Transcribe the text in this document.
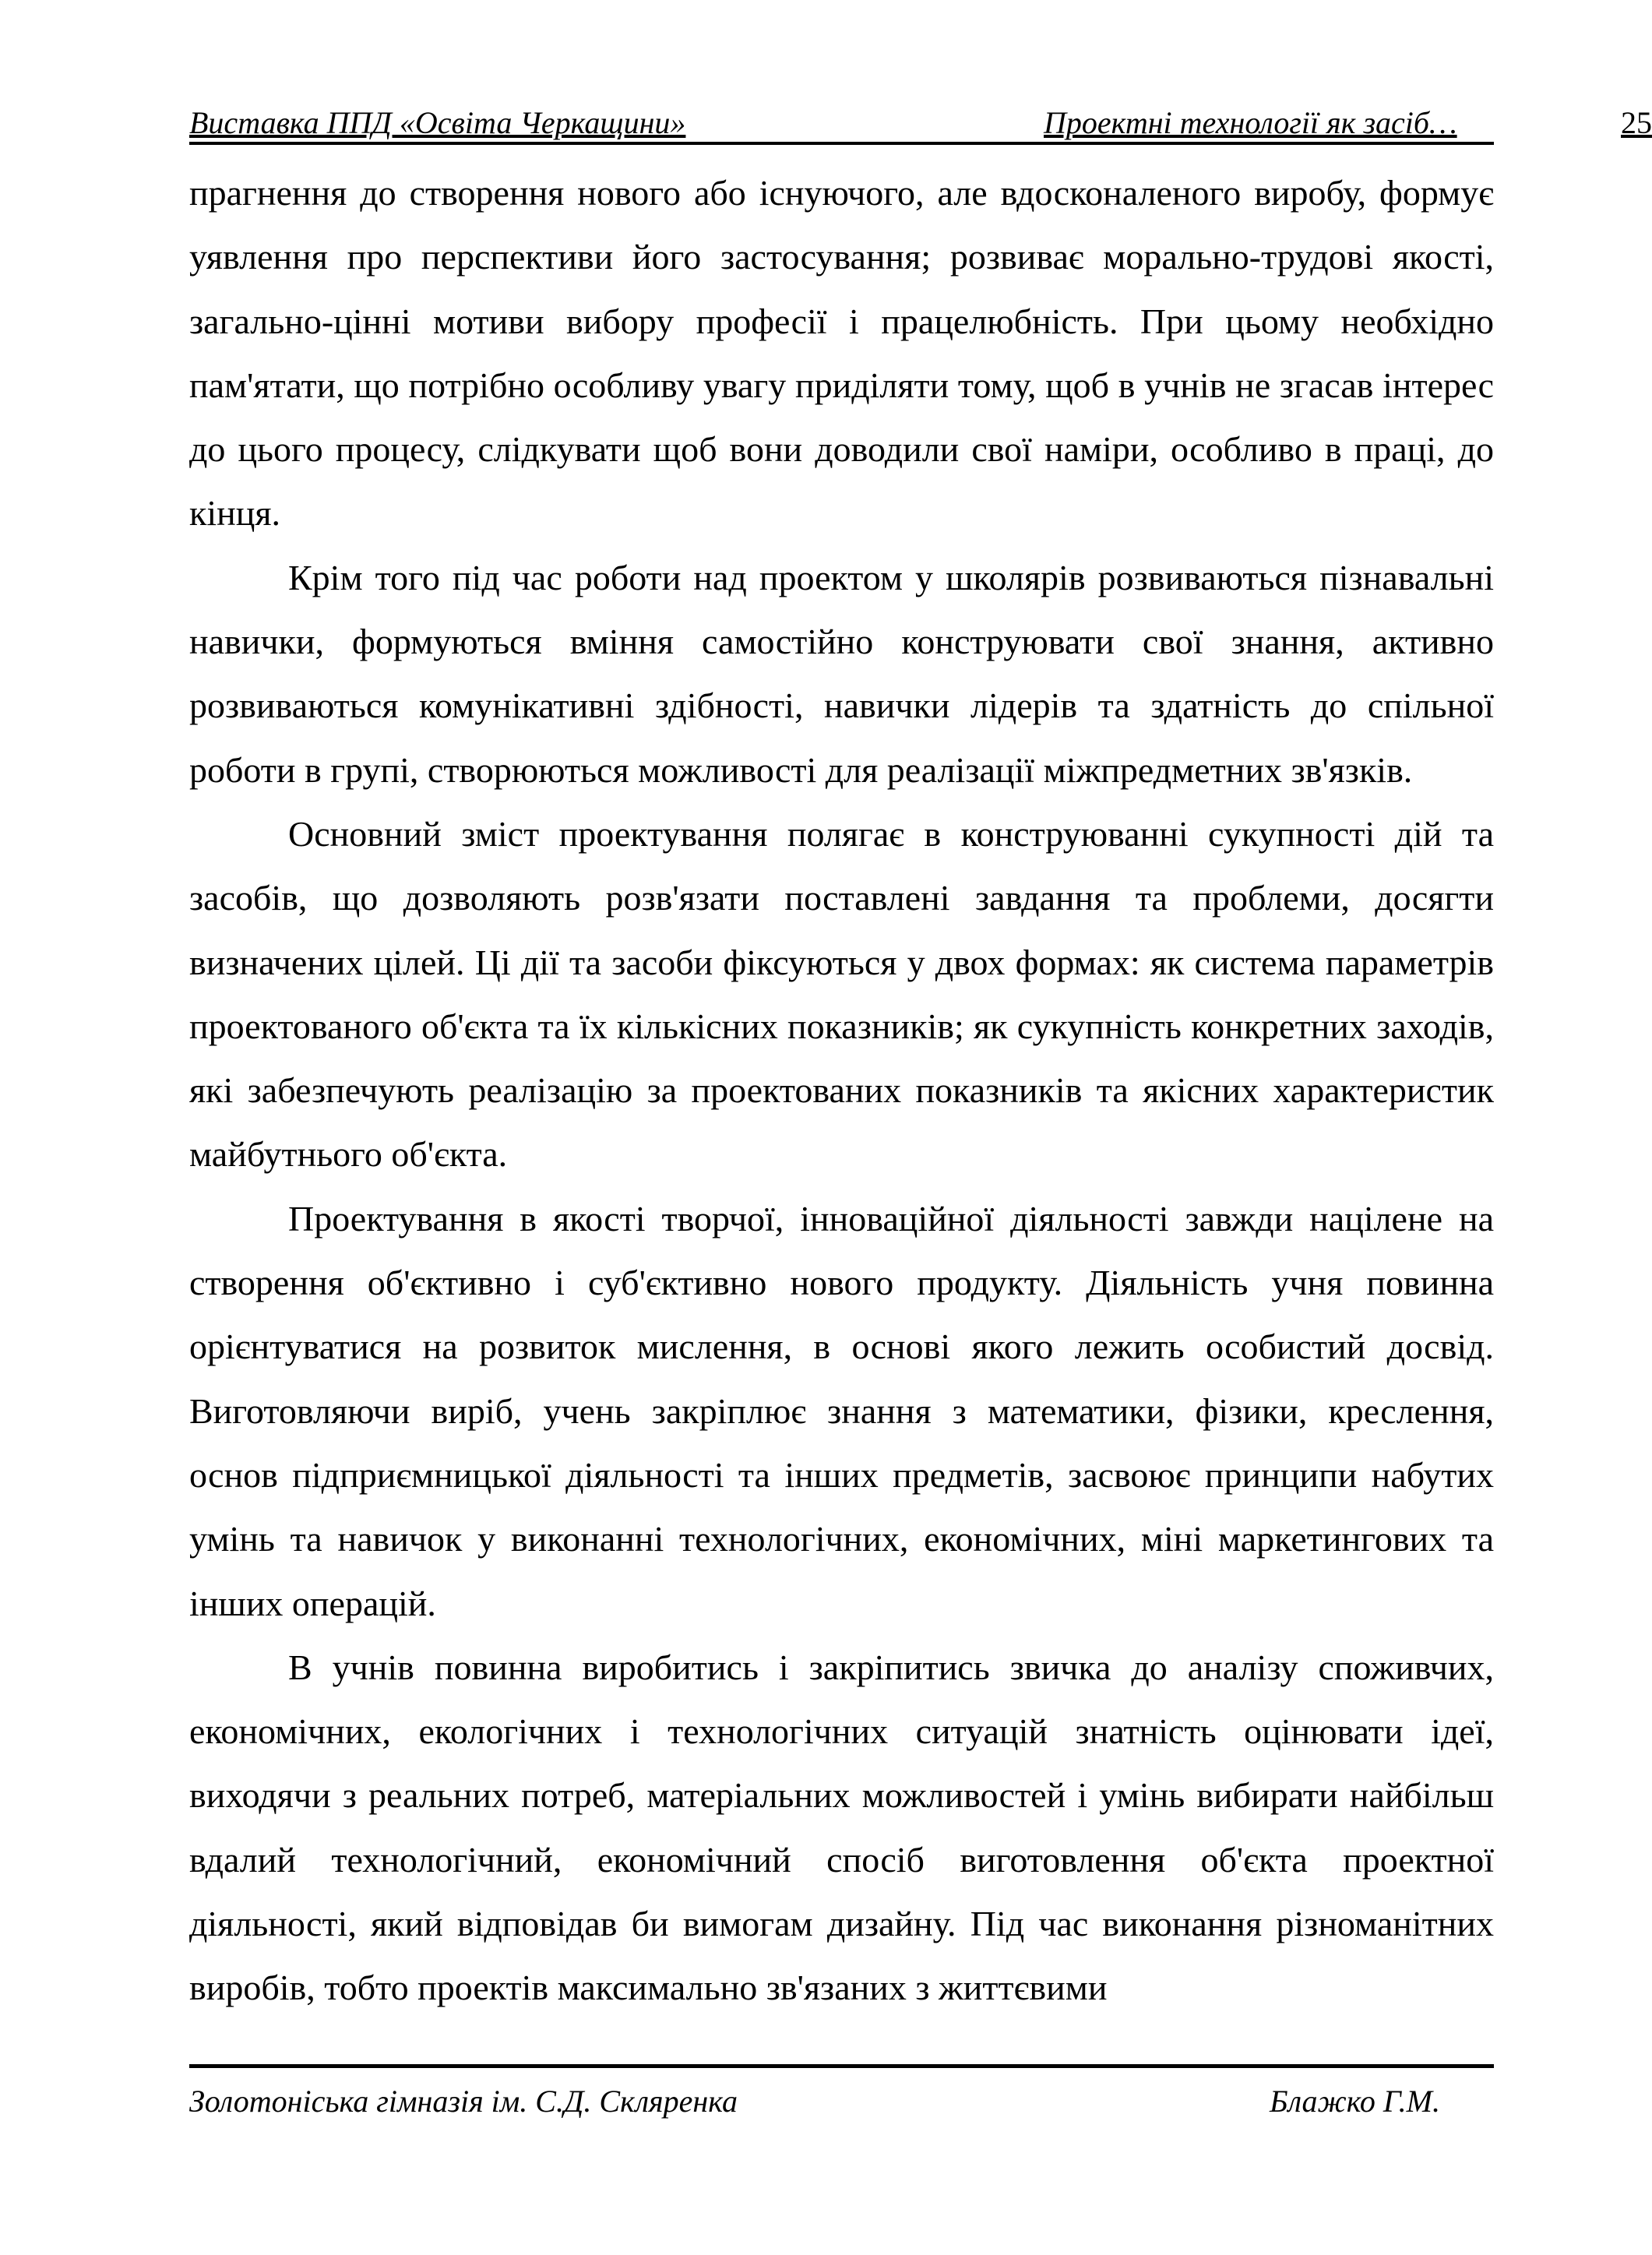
Виставка ППД «Освіта Черкащини»	Проектні технології як засіб…	25

прагнення до створення нового або існуючого, але вдосконаленого виробу, формує уявлення про перспективи його застосування; розвиває морально-трудові якості, загально-цінні мотиви вибору професії і працелюбність. При цьому необхідно пам'ятати, що потрібно особливу увагу приділяти тому, щоб в учнів не згасав інтерес до цього процесу, слідкувати щоб вони доводили свої наміри, особливо в праці, до кінця.

Крім того під час роботи над проектом у школярів розвиваються пізнавальні навички, формуються вміння самостійно конструювати свої знання, активно розвиваються комунікативні здібності, навички лідерів та здатність до спільної роботи в групі, створюються можливості для реалізації міжпредметних зв'язків.

Основний зміст проектування полягає в конструюванні сукупності дій та засобів, що дозволяють розв'язати поставлені завдання та проблеми, досягти визначених цілей. Ці дії та засоби фіксуються у двох формах: як система параметрів проектованого об'єкта та їх кількісних показників; як сукупність конкретних заходів, які забезпечують реалізацію за проектованих показників та якісних характеристик майбутнього об'єкта.

Проектування в якості творчої, інноваційної діяльності завжди націлене на створення об'єктивно і суб'єктивно нового продукту. Діяльність учня повинна орієнтуватися на розвиток мислення, в основі якого лежить особистий досвід. Виготовляючи виріб, учень закріплює знання з математики, фізики, креслення, основ підприємницької діяльності та інших предметів, засвоює принципи набутих умінь та навичок у виконанні технологічних, економічних, міні маркетингових та інших операцій.

В учнів повинна виробитись і закріпитись звичка до аналізу споживчих, економічних, екологічних і технологічних ситуацій знатність оцінювати ідеї, виходячи з реальних потреб, матеріальних можливостей і умінь вибирати найбільш вдалий технологічний, економічний спосіб виготовлення об'єкта проектної діяльності, який відповідав би вимогам дизайну. Під час виконання різноманітних виробів, тобто проектів максимально зв'язаних з життєвими

Золотоніська гімназія ім. С.Д. Скляренка	Блажко Г.М.
